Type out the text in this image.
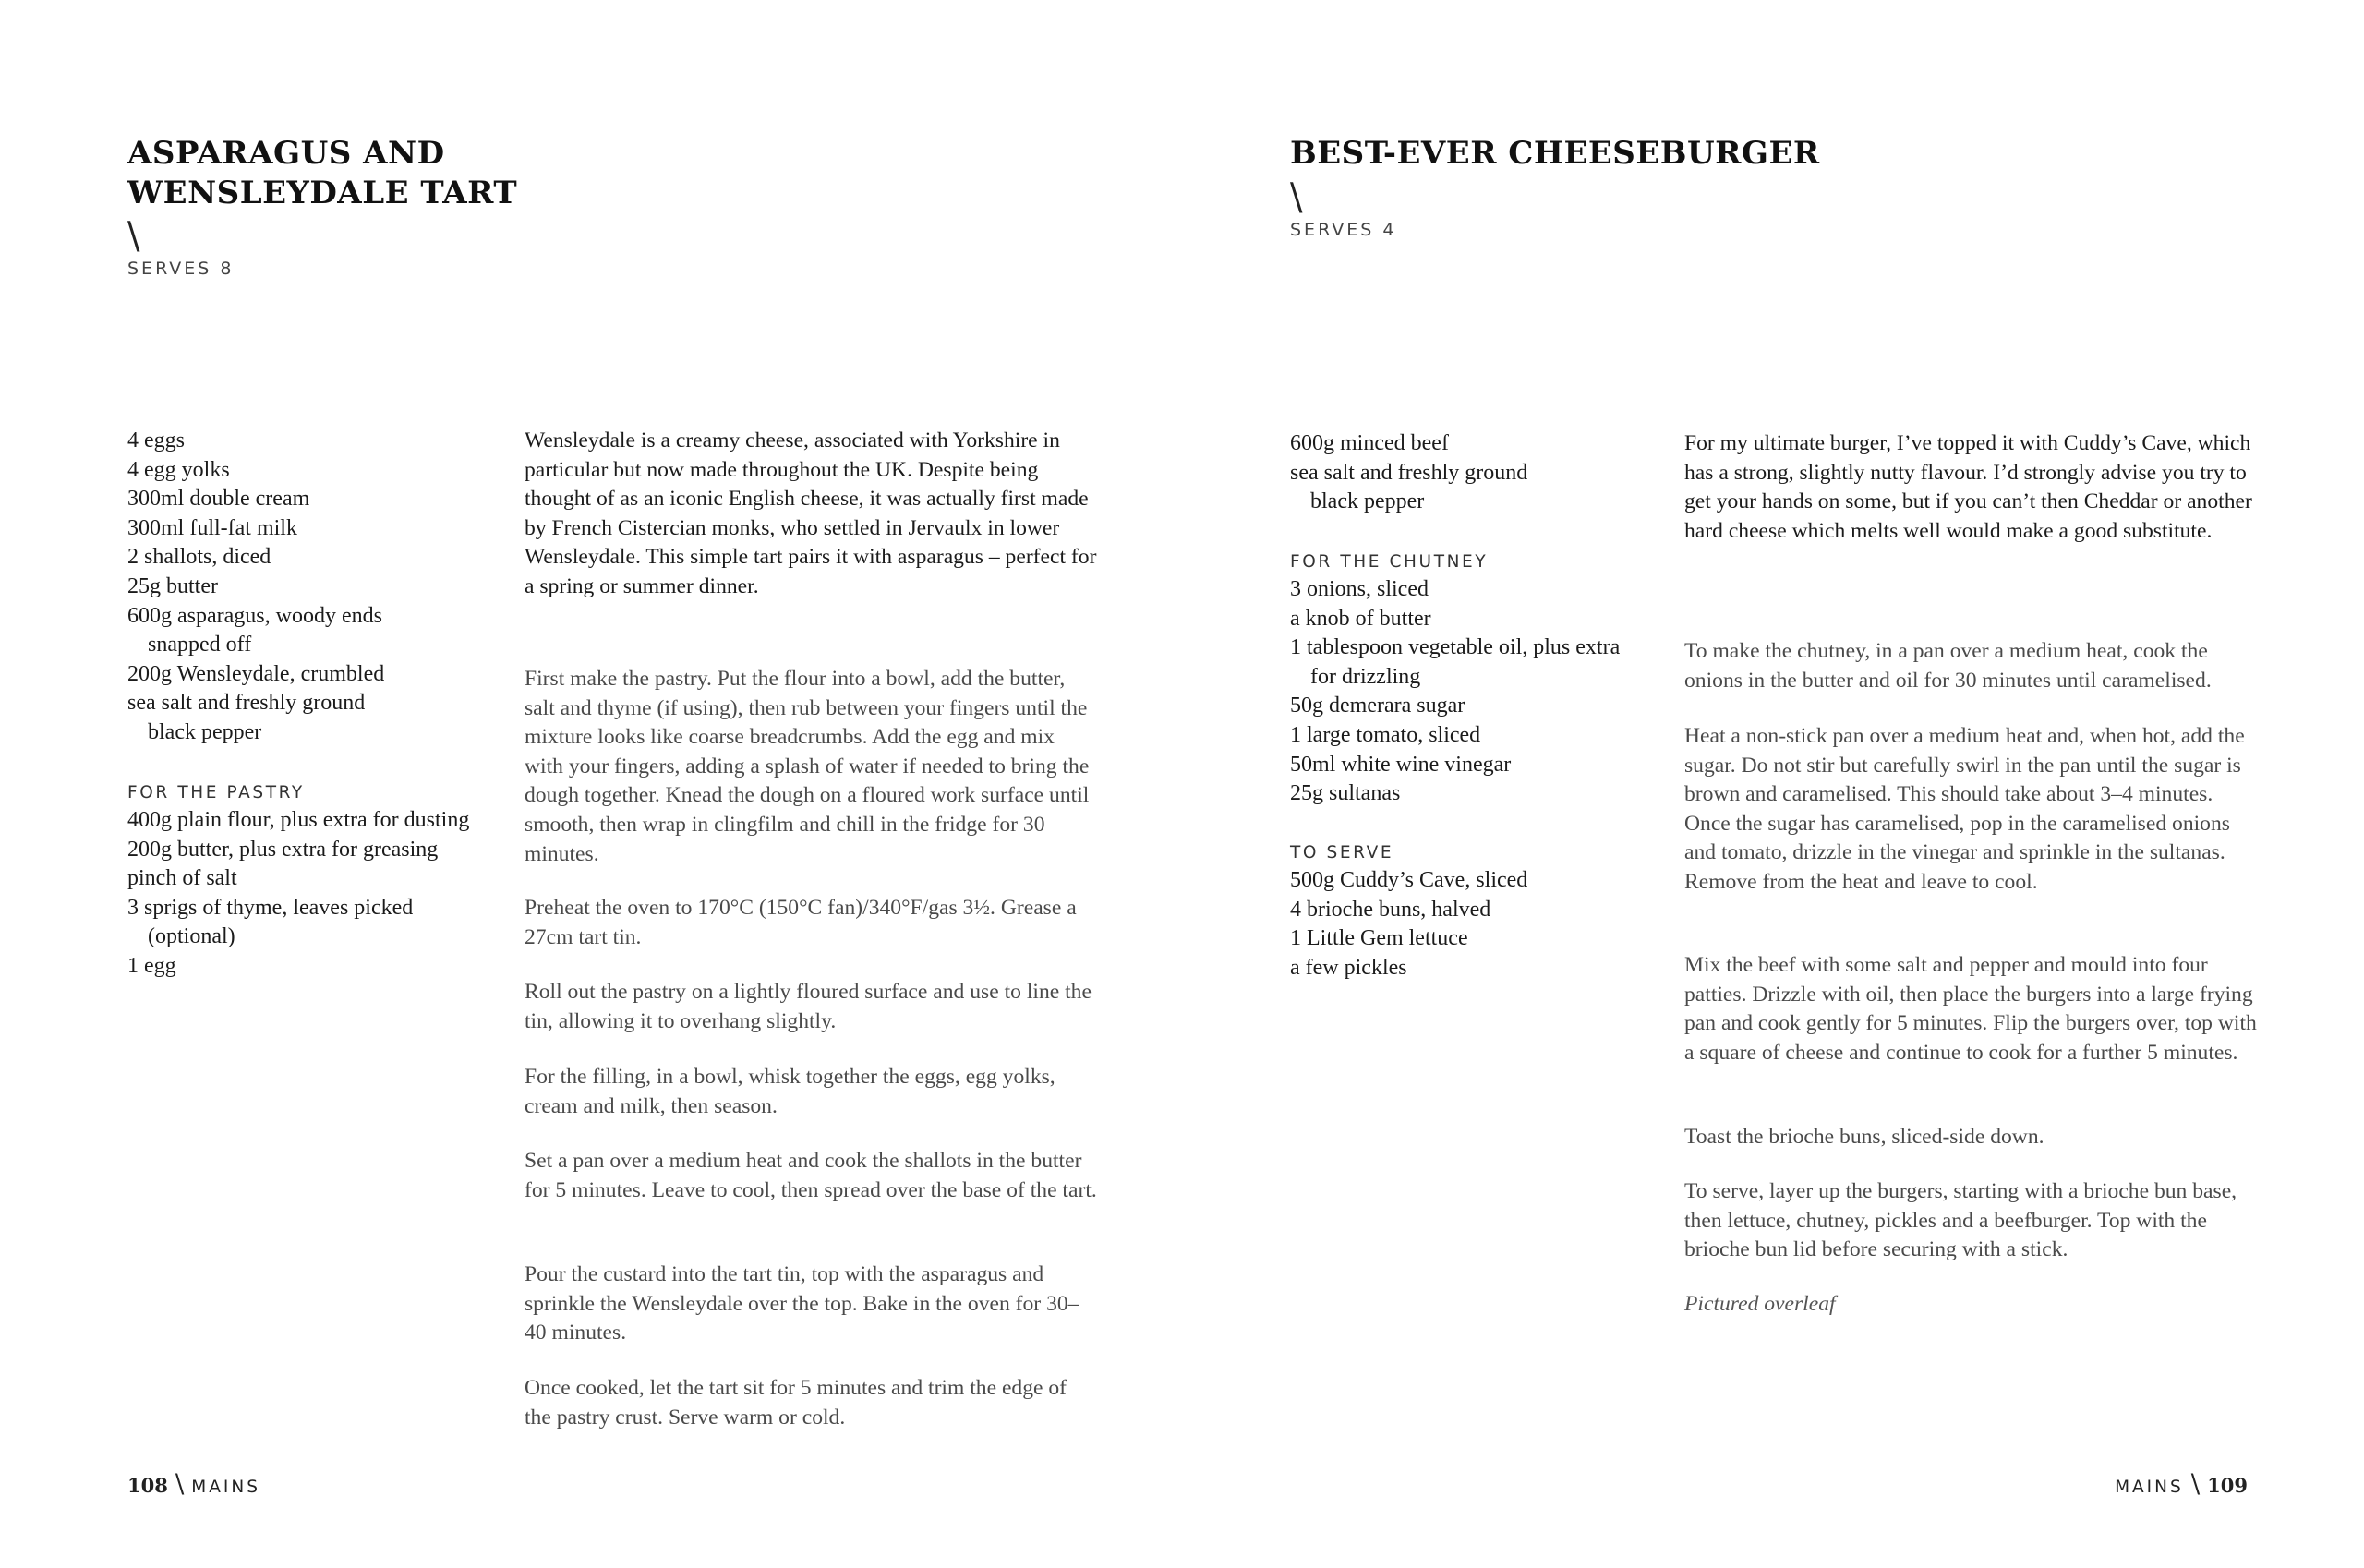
ASPARAGUS AND
WENSLEYDALE TART
\
SERVES 8
4 eggs
4 egg yolks
300ml double cream
300ml full-fat milk
2 shallots, diced
25g butter
600g asparagus, woody ends snapped off
200g Wensleydale, crumbled
sea salt and freshly ground black pepper
FOR THE PASTRY
400g plain flour, plus extra for dusting
200g butter, plus extra for greasing
pinch of salt
3 sprigs of thyme, leaves picked (optional)
1 egg

Wensleydale is a creamy cheese, associated with Yorkshire in particular but now made throughout the UK. Despite being thought of as an iconic English cheese, it was actually first made by French Cistercian monks, who settled in Jervaulx in lower Wensleydale. This simple tart pairs it with asparagus – perfect for a spring or summer dinner.

First make the pastry. Put the flour into a bowl, add the butter, salt and thyme (if using), then rub between your fingers until the mixture looks like coarse breadcrumbs. Add the egg and mix with your fingers, adding a splash of water if needed to bring the dough together. Knead the dough on a floured work surface until smooth, then wrap in clingfilm and chill in the fridge for 30 minutes.

Preheat the oven to 170°C (150°C fan)/340°F/gas 3½. Grease a 27cm tart tin.

Roll out the pastry on a lightly floured surface and use to line the tin, allowing it to overhang slightly.

For the filling, in a bowl, whisk together the eggs, egg yolks, cream and milk, then season.

Set a pan over a medium heat and cook the shallots in the butter for 5 minutes. Leave to cool, then spread over the base of the tart.

Pour the custard into the tart tin, top with the asparagus and sprinkle the Wensleydale over the top. Bake in the oven for 30–40 minutes.

Once cooked, let the tart sit for 5 minutes and trim the edge of the pastry crust. Serve warm or cold.

108 \ MAINS
BEST-EVER CHEESEBURGER
\
SERVES 4
600g minced beef
sea salt and freshly ground black pepper
FOR THE CHUTNEY
3 onions, sliced
a knob of butter
1 tablespoon vegetable oil, plus extra for drizzling
50g demerara sugar
1 large tomato, sliced
50ml white wine vinegar
25g sultanas
TO SERVE
500g Cuddy’s Cave, sliced
4 brioche buns, halved
1 Little Gem lettuce
a few pickles

For my ultimate burger, I’ve topped it with Cuddy’s Cave, which has a strong, slightly nutty flavour. I’d strongly advise you try to get your hands on some, but if you can’t then Cheddar or another hard cheese which melts well would make a good substitute.

To make the chutney, in a pan over a medium heat, cook the onions in the butter and oil for 30 minutes until caramelised.

Heat a non-stick pan over a medium heat and, when hot, add the sugar. Do not stir but carefully swirl in the pan until the sugar is brown and caramelised. This should take about 3–4 minutes. Once the sugar has caramelised, pop in the caramelised onions and tomato, drizzle in the vinegar and sprinkle in the sultanas. Remove from the heat and leave to cool.

Mix the beef with some salt and pepper and mould into four patties. Drizzle with oil, then place the burgers into a large frying pan and cook gently for 5 minutes. Flip the burgers over, top with a square of cheese and continue to cook for a further 5 minutes.

Toast the brioche buns, sliced-side down.

To serve, layer up the burgers, starting with a brioche bun base, then lettuce, chutney, pickles and a beefburger. Top with the brioche bun lid before securing with a stick.

Pictured overleaf

MAINS \ 109
